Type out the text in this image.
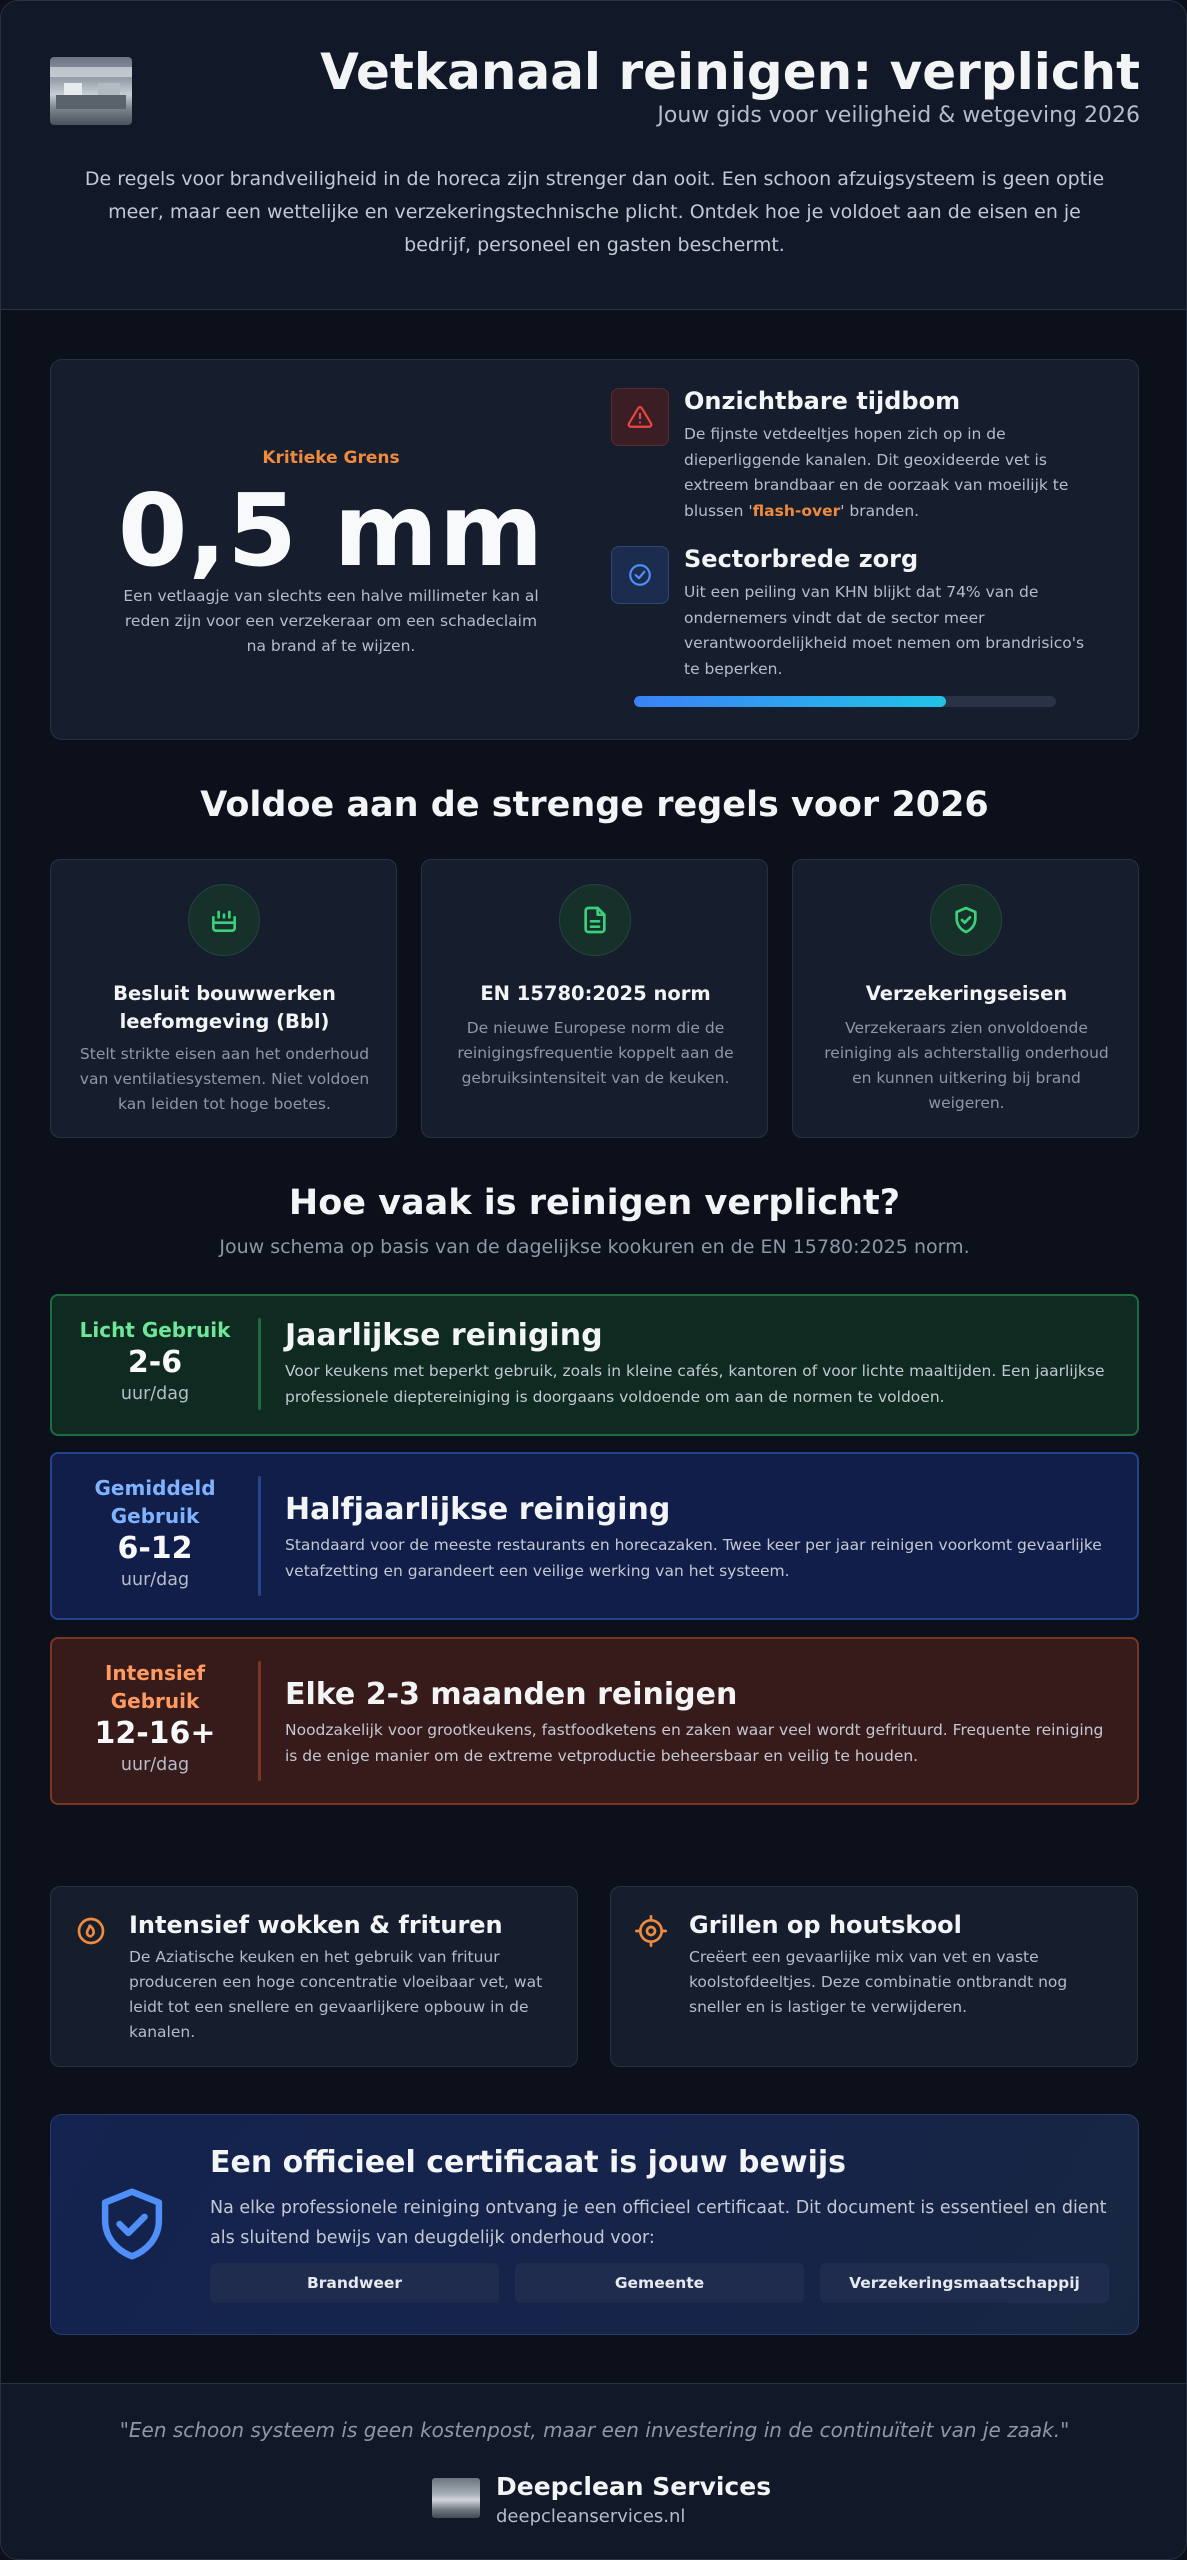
Vetkanaal reinigen: verplicht
Jouw gids voor veiligheid & wetgeving 2026
De regels voor brandveiligheid in de horeca zijn strenger dan ooit. Een schoon afzuigsysteem is geen optie meer, maar een wettelijke en verzekeringstechnische plicht. Ontdek hoe je voldoet aan de eisen en je bedrijf, personeel en gasten beschermt.
Kritieke Grens
0,5 mm
Een vetlaagje van slechts een halve millimeter kan al reden zijn voor een verzekeraar om een schadeclaim na brand af te wijzen.
Onzichtbare tijdbom
De fijnste vetdeeltjes hopen zich op in de dieperliggende kanalen. Dit geoxideerde vet is extreem brandbaar en de oorzaak van moeilijk te blussen 'flash-over' branden.
Sectorbrede zorg
Uit een peiling van KHN blijkt dat 74% van de ondernemers vindt dat de sector meer verantwoordelijkheid moet nemen om brandrisico's te beperken.
Voldoe aan de strenge regels voor 2026
Besluit bouwwerken leefomgeving (Bbl)
Stelt strikte eisen aan het onderhoud van ventilatiesystemen. Niet voldoen kan leiden tot hoge boetes.
EN 15780:2025 norm
De nieuwe Europese norm die de reinigingsfrequentie koppelt aan de gebruiksintensiteit van de keuken.
Verzekeringseisen
Verzekeraars zien onvoldoende reiniging als achterstallig onderhoud en kunnen uitkering bij brand weigeren.
Hoe vaak is reinigen verplicht?
Jouw schema op basis van de dagelijkse kookuren en de EN 15780:2025 norm.
Licht Gebruik
2-6
uur/dag
Jaarlijkse reiniging
Voor keukens met beperkt gebruik, zoals in kleine cafés, kantoren of voor lichte maaltijden. Een jaarlijkse professionele dieptereiniging is doorgaans voldoende om aan de normen te voldoen.
Gemiddeld
Gebruik
6-12
uur/dag
Halfjaarlijkse reiniging
Standaard voor de meeste restaurants en horecazaken. Twee keer per jaar reinigen voorkomt gevaarlijke vetafzetting en garandeert een veilige werking van het systeem.
Intensief
Gebruik
12-16+
uur/dag
Elke 2-3 maanden reinigen
Noodzakelijk voor grootkeukens, fastfoodketens en zaken waar veel wordt gefrituurd. Frequente reiniging is de enige manier om de extreme vetproductie beheersbaar en veilig te houden.
Intensief wokken & frituren
De Aziatische keuken en het gebruik van frituur produceren een hoge concentratie vloeibaar vet, wat leidt tot een snellere en gevaarlijkere opbouw in de kanalen.
Grillen op houtskool
Creëert een gevaarlijke mix van vet en vaste koolstofdeeltjes. Deze combinatie ontbrandt nog sneller en is lastiger te verwijderen.
Een officieel certificaat is jouw bewijs
Na elke professionele reiniging ontvang je een officieel certificaat. Dit document is essentieel en dient als sluitend bewijs van deugdelijk onderhoud voor:
Brandweer	Gemeente	Verzekeringsmaatschappij
"Een schoon systeem is geen kostenpost, maar een investering in de continuïteit van je zaak."
Deepclean Services
deepcleanservices.nl
